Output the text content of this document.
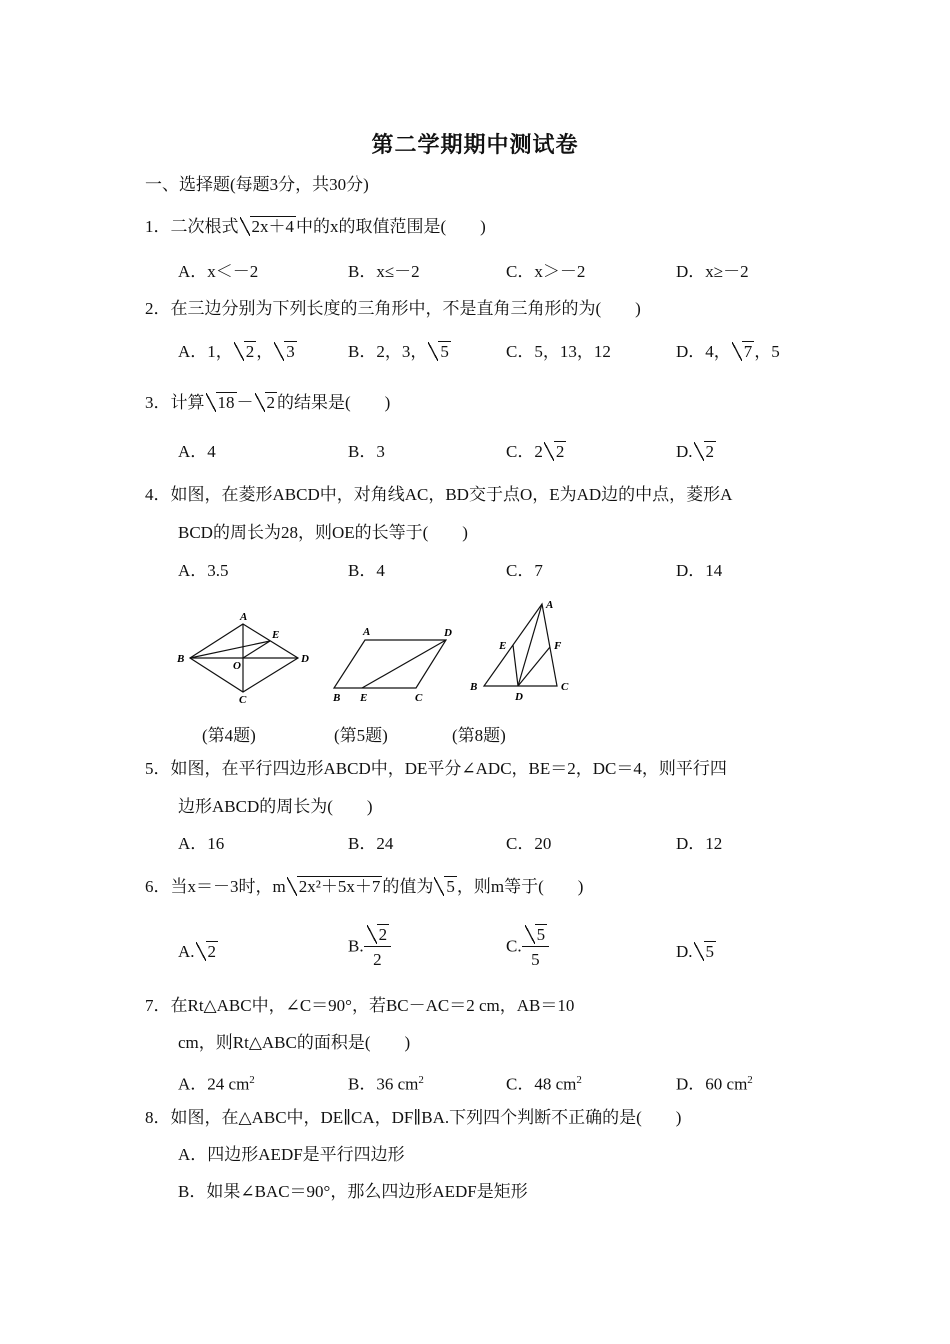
第二学期期中测试卷
一、选择题(每题3分，共30分)
1．二次根式 2x＋4 中的x的取值范围是(　　)
A．x＜－2	B．x≤－2	C．x＞－2	D．x≥－2
2．在三边分别为下列长度的三角形中，不是直角三角形的为(　　)
A．1， 2 ， 3	B．2，3， 5	C．5，13，12	D．4， 7 ，5
3．计算 18 － 2 的结果是(　　)
A．4	B．3	C．2 2	D. 2
4．如图，在菱形ABCD中，对角线AC，BD交于点O，E为AD边的中点，菱形A
BCD的周长为28，则OE的长等于(　　)
A．3.5	B．4	C．7	D．14
A
B
C
D
E
O
A	D
B E	C
A
E	F
B
D
C
(第4题)	(第5题)	(第8题)
5．如图，在平行四边形ABCD中，DE平分∠ADC，BE＝2，DC＝4，则平行四
边形ABCD的周长为(　　)
A．16	B．24	C．20	D．12
6．当x＝－3时，m 2x²＋5x＋7 的值为 5 ，则m等于(　　)
A. 2	B. $\frac{2}{2}$	C. $\frac{5}{5}$	D. 5
7．在Rt△ABC中，∠C＝90°，若BC－AC＝2 cm，AB＝10
cm，则Rt△ABC的面积是(　　)
A．24 $cm^2$	B．36 $cm^2$	C．48 $cm^2$	D．60 $cm^2$
8．如图，在△ABC中，DE∥CA，DF∥BA.下列四个判断不正确的是(　　)
A．四边形AEDF是平行四边形
B．如果∠BAC＝90°，那么四边形AEDF是矩形
